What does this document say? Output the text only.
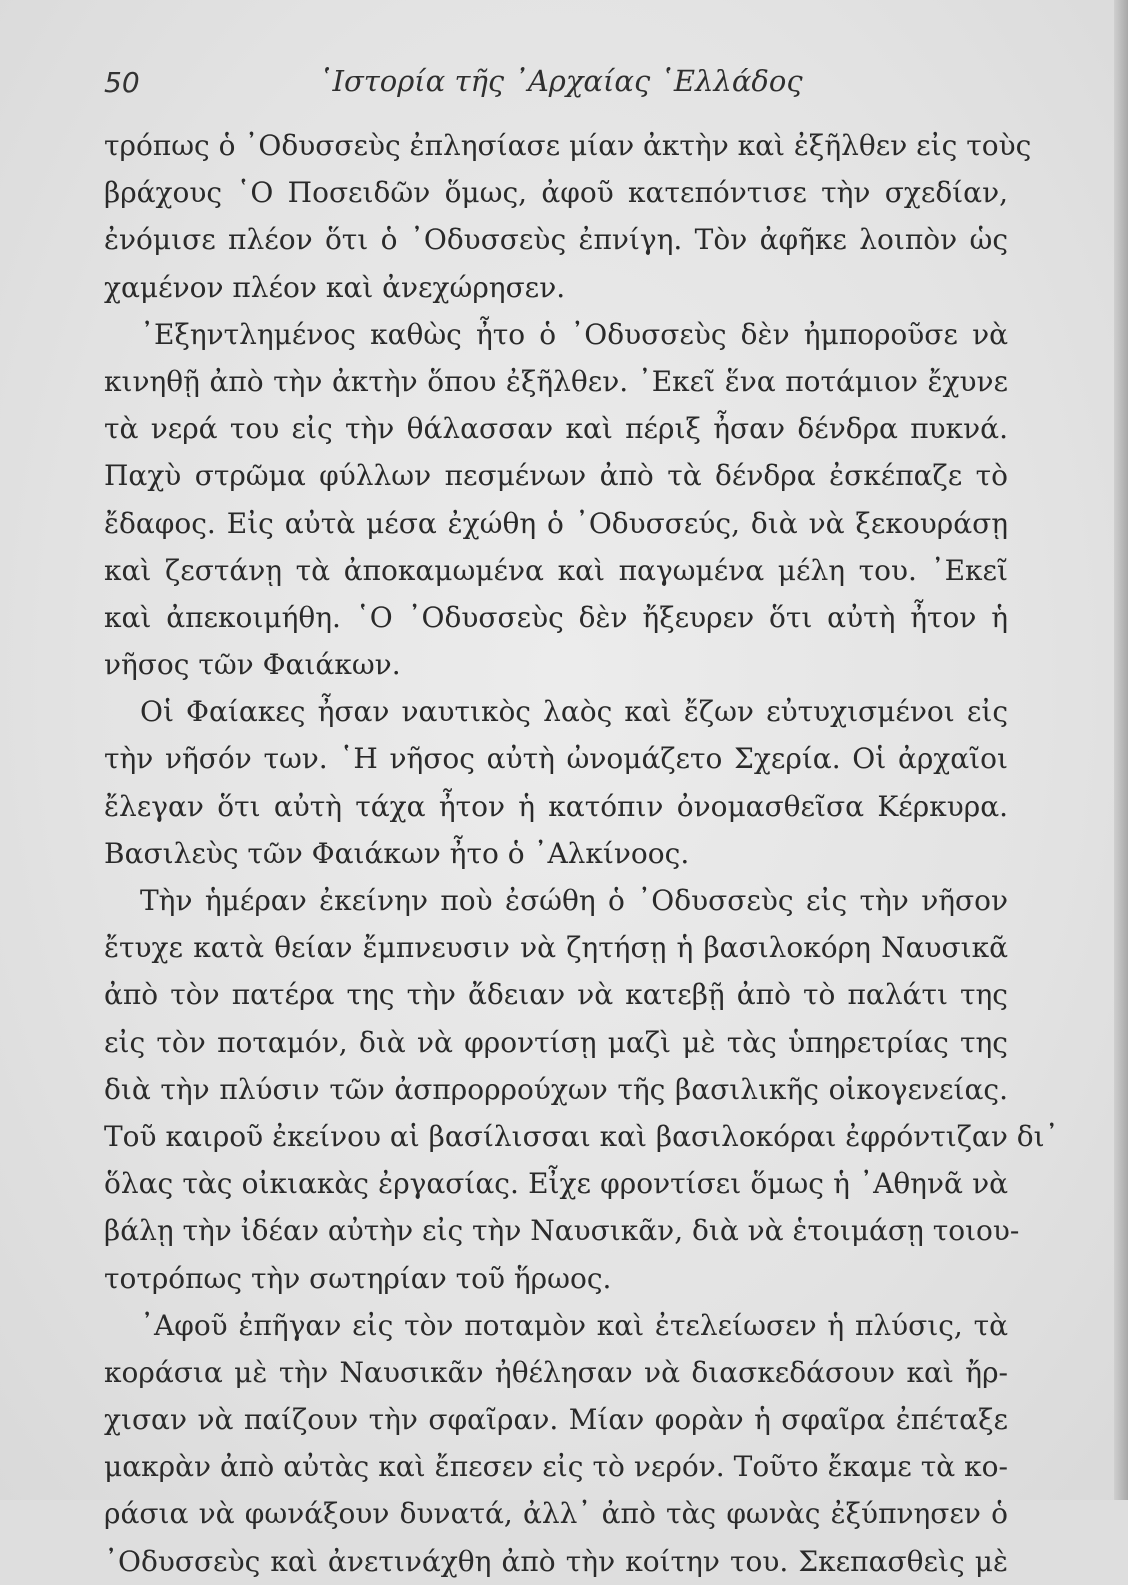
50	῾Ιστορία τῆς ᾿Αρχαίας ῾Ελλάδος
τρόπως ὁ ᾿Οδυσσεὺς ἐπλησίασε μίαν ἀκτὴν καὶ ἐξῆλθεν εἰς τοὺς
βράχους ῾Ο Ποσειδῶν ὅμως, ἀφοῦ κατεπόντισε τὴν σχεδίαν,
ἐνόμισε πλέον ὅτι ὁ ᾿Οδυσσεὺς ἐπνίγη. Τὸν ἀφῆκε λοιπὸν ὡς
χαμένον πλέον καὶ ἀνεχώρησεν.
᾿Εξηντλημένος καθὼς ἦτο ὁ ᾿Οδυσσεὺς δὲν ἠμποροῦσε νὰ
κινηθῇ ἀπὸ τὴν ἀκτὴν ὅπου ἐξῆλθεν. ᾿Εκεῖ ἕνα ποτάμιον ἔχυνε
τὰ νερά του εἰς τὴν θάλασσαν καὶ πέριξ ἦσαν δένδρα πυκνά.
Παχὺ στρῶμα φύλλων πεσμένων ἀπὸ τὰ δένδρα ἐσκέπαζε τὸ
ἔδαφος. Εἰς αὐτὰ μέσα ἐχώθη ὁ ᾿Οδυσσεύς, διὰ νὰ ξεκουράσῃ
καὶ ζεστάνῃ τὰ ἀποκαμωμένα καὶ παγωμένα μέλη του. ᾿Εκεῖ
καὶ ἀπεκοιμήθη. ῾Ο ᾿Οδυσσεὺς δὲν ἤξευρεν ὅτι αὐτὴ ἦτον ἡ
νῆσος τῶν Φαιάκων.
Οἱ Φαίακες ἦσαν ναυτικὸς λαὸς καὶ ἔζων εὐτυχισμένοι εἰς
τὴν νῆσόν των. ῾Η νῆσος αὐτὴ ὠνομάζετο Σχερία. Οἱ ἀρχαῖοι
ἔλεγαν ὅτι αὐτὴ τάχα ἦτον ἡ κατόπιν ὀνομασθεῖσα Κέρκυρα.
Βασιλεὺς τῶν Φαιάκων ἦτο ὁ ᾿Αλκίνοος.
Τὴν ἡμέραν ἐκείνην ποὺ ἐσώθη ὁ ᾿Οδυσσεὺς εἰς τὴν νῆσον
ἔτυχε κατὰ θείαν ἔμπνευσιν νὰ ζητήσῃ ἡ βασιλοκόρη Ναυσικᾶ
ἀπὸ τὸν πατέρα της τὴν ἄδειαν νὰ κατεβῇ ἀπὸ τὸ παλάτι της
εἰς τὸν ποταμόν, διὰ νὰ φροντίσῃ μαζὶ μὲ τὰς ὑπηρετρίας της
διὰ τὴν πλύσιν τῶν ἀσπρορρούχων τῆς βασιλικῆς οἰκογενείας.
Τοῦ καιροῦ ἐκείνου αἱ βασίλισσαι καὶ βασιλοκόραι ἐφρόντιζαν δι᾿
ὅλας τὰς οἰκιακὰς ἐργασίας. Εἶχε φροντίσει ὅμως ἡ ᾿Αθηνᾶ νὰ
βάλῃ τὴν ἰδέαν αὐτὴν εἰς τὴν Ναυσικᾶν, διὰ νὰ ἑτοιμάσῃ τοιου-
τοτρόπως τὴν σωτηρίαν τοῦ ἥρωος.
᾿Αφοῦ ἐπῆγαν εἰς τὸν ποταμὸν καὶ ἐτελείωσεν ἡ πλύσις, τὰ
κοράσια μὲ τὴν Ναυσικᾶν ἠθέλησαν νὰ διασκεδάσουν καὶ ἤρ-
χισαν νὰ παίζουν τὴν σφαῖραν. Μίαν φορὰν ἡ σφαῖρα ἐπέταξε
μακρὰν ἀπὸ αὐτὰς καὶ ἔπεσεν εἰς τὸ νερόν. Τοῦτο ἔκαμε τὰ κο-
ράσια νὰ φωνάξουν δυνατά, ἀλλ᾿ ἀπὸ τὰς φωνὰς ἐξύπνησεν ὁ
᾿Οδυσσεὺς καὶ ἀνετινάχθη ἀπὸ τὴν κοίτην του. Σκεπασθεὶς μὲ
